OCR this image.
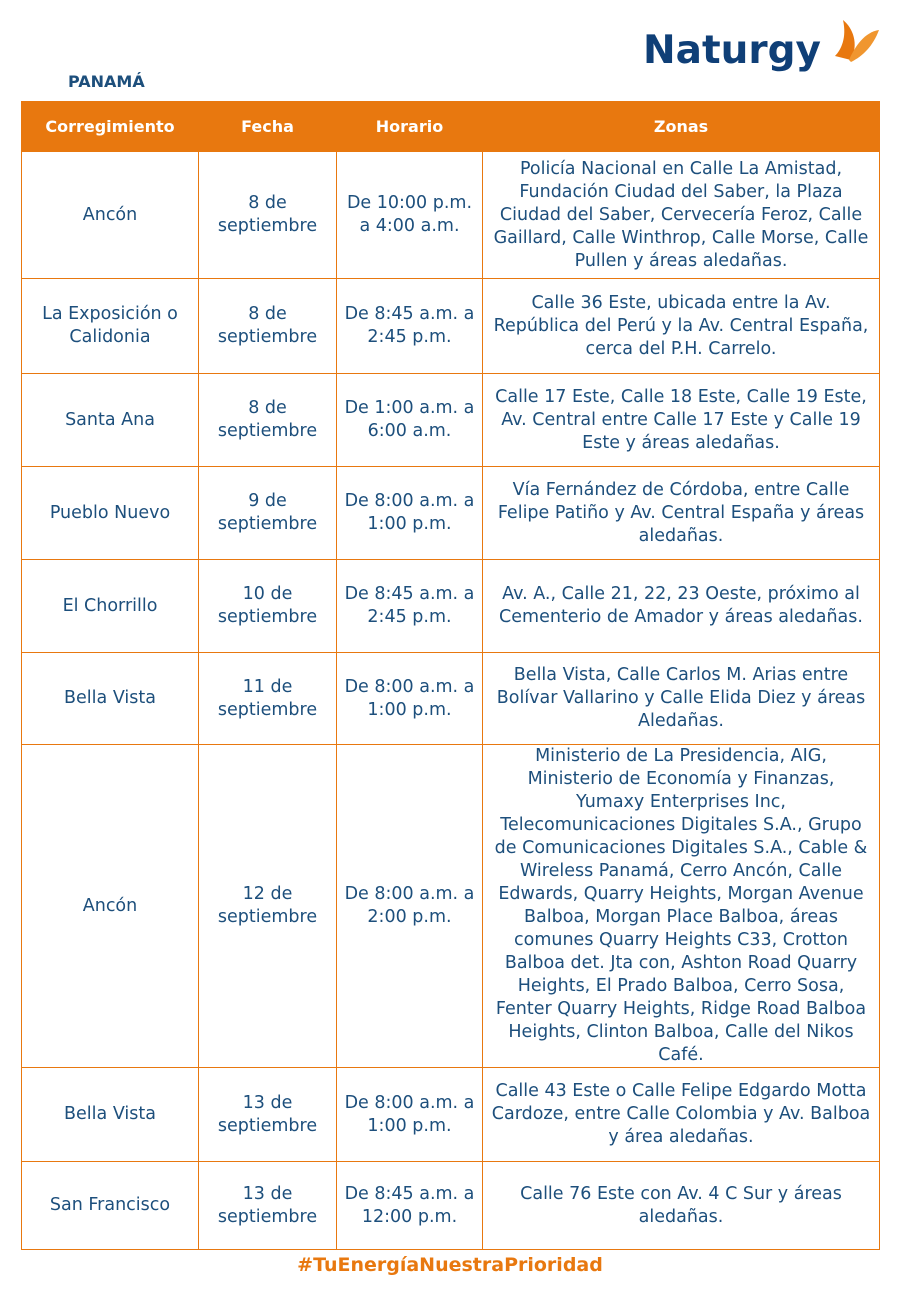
Naturgy
PANAMÁ
Corregimiento	Fecha	Horario	Zonas
Ancón	8 de septiembre	De 10:00 p.m. a 4:00 a.m.	Policía Nacional en Calle La Amistad, Fundación Ciudad del Saber, la Plaza Ciudad del Saber, Cervecería Feroz, Calle Gaillard, Calle Winthrop, Calle Morse, Calle Pullen y áreas aledañas.
La Exposición o Calidonia	8 de septiembre	De 8:45 a.m. a 2:45 p.m.	Calle 36 Este, ubicada entre la Av. República del Perú y la Av. Central España, cerca del P.H. Carrelo.
Santa Ana	8 de septiembre	De 1:00 a.m. a 6:00 a.m.	Calle 17 Este, Calle 18 Este, Calle 19 Este, Av. Central entre Calle 17 Este y Calle 19 Este y áreas aledañas.
Pueblo Nuevo	9 de septiembre	De 8:00 a.m. a 1:00 p.m.	Vía Fernández de Córdoba, entre Calle Felipe Patiño y Av. Central España y áreas aledañas.
El Chorrillo	10 de septiembre	De 8:45 a.m. a 2:45 p.m.	Av. A., Calle 21, 22, 23 Oeste, próximo al Cementerio de Amador y áreas aledañas.
Bella Vista	11 de septiembre	De 8:00 a.m. a 1:00 p.m.	Bella Vista, Calle Carlos M. Arias entre Bolívar Vallarino y Calle Elida Diez y áreas Aledañas.
Ancón	12 de septiembre	De 8:00 a.m. a 2:00 p.m.	Ministerio de La Presidencia, AIG, Ministerio de Economía y Finanzas, Yumaxy Enterprises Inc, Telecomunicaciones Digitales S.A., Grupo de Comunicaciones Digitales S.A., Cable & Wireless Panamá, Cerro Ancón, Calle Edwards, Quarry Heights, Morgan Avenue Balboa, Morgan Place Balboa, áreas comunes Quarry Heights C33, Crotton Balboa det. Jta con, Ashton Road Quarry Heights, El Prado Balboa, Cerro Sosa, Fenter Quarry Heights, Ridge Road Balboa Heights, Clinton Balboa, Calle del Nikos Café.
Bella Vista	13 de septiembre	De 8:00 a.m. a 1:00 p.m.	Calle 43 Este o Calle Felipe Edgardo Motta Cardoze, entre Calle Colombia y Av. Balboa y área aledañas.
San Francisco	13 de septiembre	De 8:45 a.m. a 12:00 p.m.	Calle 76 Este con Av. 4 C Sur y áreas aledañas.
#TuEnergíaNuestraPrioridad
